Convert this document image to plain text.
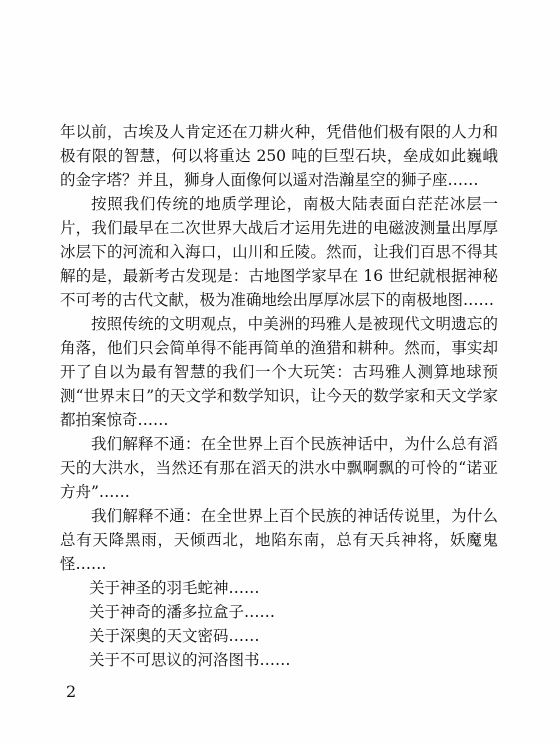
年以前，古埃及人肯定还在刀耕火种，凭借他们极有限的人力和极有限的智慧，何以将重达 250 吨的巨型石块，垒成如此巍峨的金字塔？并且，狮身人面像何以遥对浩瀚星空的狮子座……

按照我们传统的地质学理论，南极大陆表面白茫茫冰层一片，我们最早在二次世界大战后才运用先进的电磁波测量出厚厚冰层下的河流和入海口，山川和丘陵。然而，让我们百思不得其解的是，最新考古发现是：古地图学家早在 16 世纪就根据神秘不可考的古代文献，极为准确地绘出厚厚冰层下的南极地图……

按照传统的文明观点，中美洲的玛雅人是被现代文明遗忘的角落，他们只会简单得不能再简单的渔猎和耕种。然而，事实却开了自以为最有智慧的我们一个大玩笑：古玛雅人测算地球预测“世界末日”的天文学和数学知识，让今天的数学家和天文学家都拍案惊奇……

我们解释不通：在全世界上百个民族神话中，为什么总有滔天的大洪水，当然还有那在滔天的洪水中飘啊飘的可怜的“诺亚方舟”……

我们解释不通：在全世界上百个民族的神话传说里，为什么总有天降黑雨，天倾西北，地陷东南，总有天兵神将，妖魔鬼怪……

关于神圣的羽毛蛇神……

关于神奇的潘多拉盒子……

关于深奥的天文密码……

关于不可思议的河洛图书……

2
